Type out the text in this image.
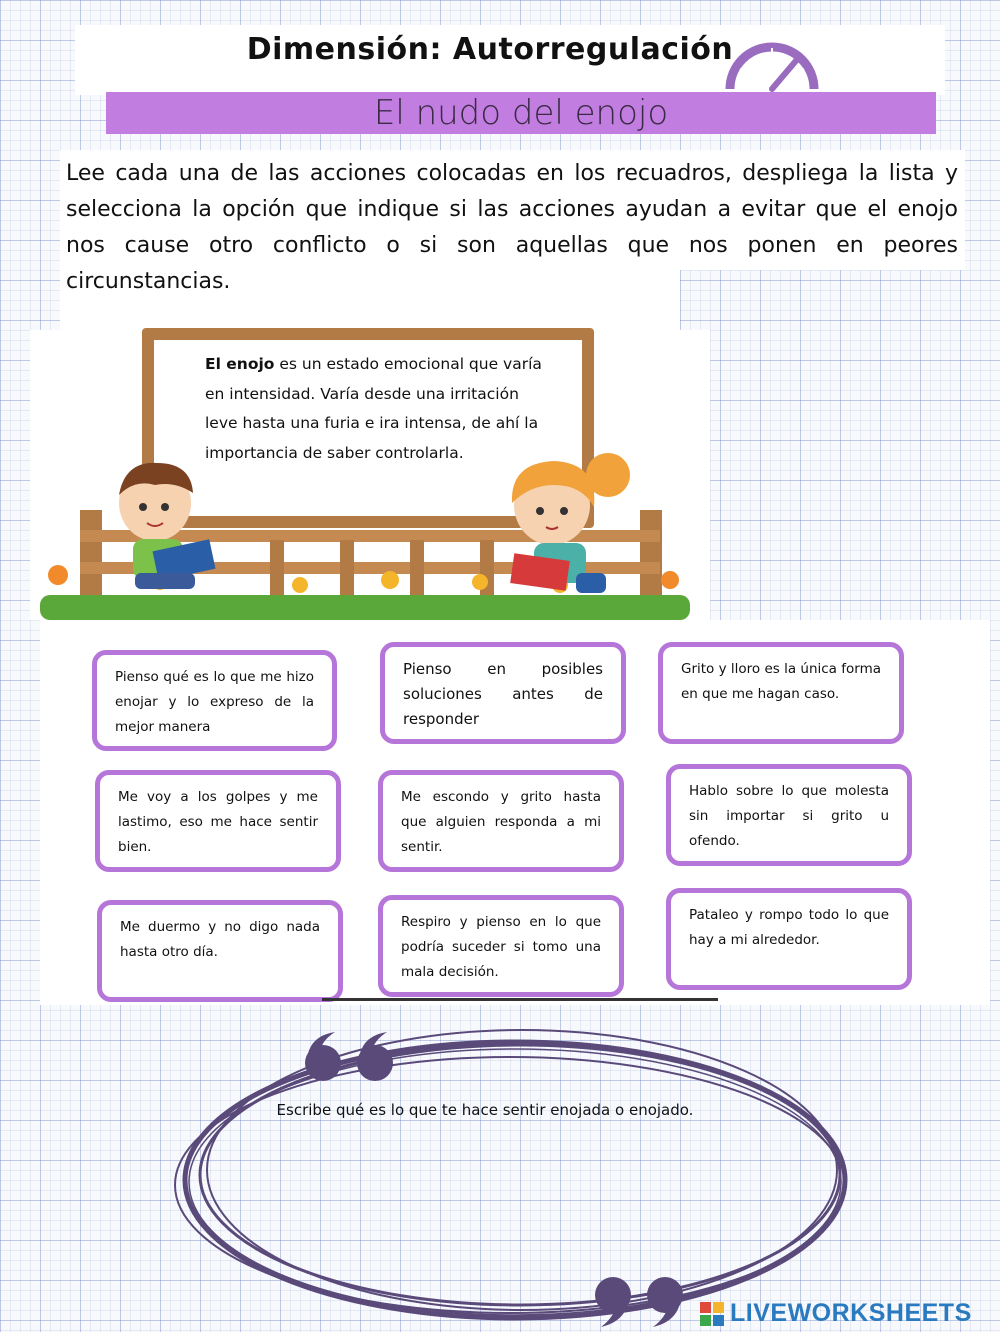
Dimensión: Autorregulación
El nudo del enojo
Lee cada una de las acciones colocadas en los recuadros, despliega la lista y selecciona la opción que indique si las acciones ayudan a evitar que el enojo nos cause otro conflicto o si son aquellas que nos ponen en peores circunstancias.
El enojo es un estado emocional que varía en intensidad. Varía desde una irritación leve hasta una furia e ira intensa, de ahí la importancia de saber controlarla.
Pienso qué es lo que me hizo enojar y lo expreso de la mejor manera
Pienso en posibles soluciones antes de responder
Grito y lloro es la única forma en que me hagan caso.
Me voy a los golpes y me lastimo, eso me hace sentir bien.
Me escondo y grito hasta que alguien responda a mi sentir.
Hablo sobre lo que molesta sin importar si grito u ofendo.
Me duermo y no digo nada hasta otro día.
Respiro y pienso en lo que podría suceder si tomo una mala decisión.
Pataleo y rompo todo lo que hay a mi alrededor.
Escribe qué es lo que te hace sentir enojada o enojado.
LIVEWORKSHEETS
